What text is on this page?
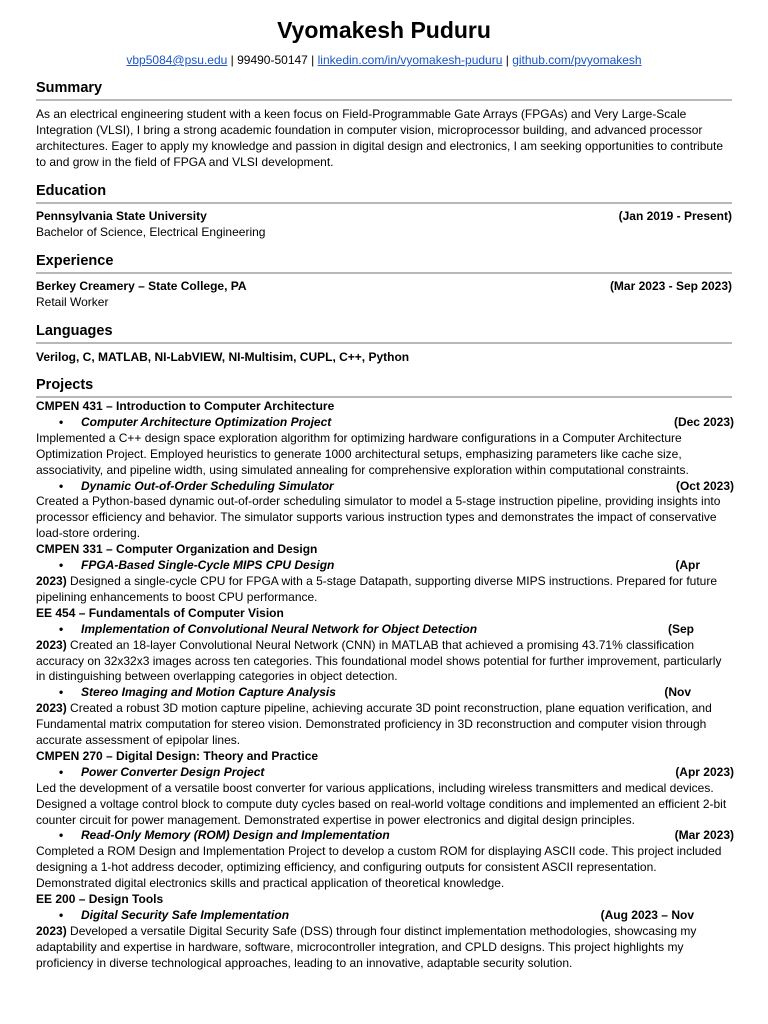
Vyomakesh Puduru
vbp5084@psu.edu | 99490-50147 | linkedin.com/in/vyomakesh-puduru | github.com/pvyomakesh
Summary
As an electrical engineering student with a keen focus on Field-Programmable Gate Arrays (FPGAs) and Very Large-Scale Integration (VLSI), I bring a strong academic foundation in computer vision, microprocessor building, and advanced processor architectures. Eager to apply my knowledge and passion in digital design and electronics, I am seeking opportunities to contribute to and grow in the field of FPGA and VLSI development.
Education
Pennsylvania State University	(Jan 2019 - Present)
Bachelor of Science, Electrical Engineering
Experience
Berkey Creamery – State College, PA	(Mar 2023 - Sep 2023)
Retail Worker
Languages
Verilog, C, MATLAB, NI-LabVIEW, NI-Multisim, CUPL, C++, Python
Projects
CMPEN 431 – Introduction to Computer Architecture
• Computer Architecture Optimization Project	(Dec 2023)
Implemented a C++ design space exploration algorithm for optimizing hardware configurations in a Computer Architecture Optimization Project. Employed heuristics to generate 1000 architectural setups, emphasizing parameters like cache size, associativity, and pipeline width, using simulated annealing for comprehensive exploration within computational constraints.
• Dynamic Out-of-Order Scheduling Simulator	(Oct 2023)
Created a Python-based dynamic out-of-order scheduling simulator to model a 5-stage instruction pipeline, providing insights into processor efficiency and behavior. The simulator supports various instruction types and demonstrates the impact of conservative load-store ordering.
CMPEN 331 – Computer Organization and Design
• FPGA-Based Single-Cycle MIPS CPU Design	(Apr
2023) Designed a single-cycle CPU for FPGA with a 5-stage Datapath, supporting diverse MIPS instructions. Prepared for future pipelining enhancements to boost CPU performance.
EE 454 – Fundamentals of Computer Vision
• Implementation of Convolutional Neural Network for Object Detection	(Sep
2023) Created an 18-layer Convolutional Neural Network (CNN) in MATLAB that achieved a promising 43.71% classification accuracy on 32x32x3 images across ten categories. This foundational model shows potential for further improvement, particularly in distinguishing between overlapping categories in object detection.
• Stereo Imaging and Motion Capture Analysis	(Nov
2023) Created a robust 3D motion capture pipeline, achieving accurate 3D point reconstruction, plane equation verification, and Fundamental matrix computation for stereo vision. Demonstrated proficiency in 3D reconstruction and computer vision through accurate assessment of epipolar lines.
CMPEN 270 – Digital Design: Theory and Practice
• Power Converter Design Project	(Apr 2023)
Led the development of a versatile boost converter for various applications, including wireless transmitters and medical devices. Designed a voltage control block to compute duty cycles based on real-world voltage conditions and implemented an efficient 2-bit counter circuit for power management. Demonstrated expertise in power electronics and digital design principles.
• Read-Only Memory (ROM) Design and Implementation	(Mar 2023)
Completed a ROM Design and Implementation Project to develop a custom ROM for displaying ASCII code. This project included designing a 1-hot address decoder, optimizing efficiency, and configuring outputs for consistent ASCII representation. Demonstrated digital electronics skills and practical application of theoretical knowledge.
EE 200 – Design Tools
• Digital Security Safe Implementation	(Aug 2023 – Nov
2023) Developed a versatile Digital Security Safe (DSS) through four distinct implementation methodologies, showcasing my adaptability and expertise in hardware, software, microcontroller integration, and CPLD designs. This project highlights my proficiency in diverse technological approaches, leading to an innovative, adaptable security solution.
